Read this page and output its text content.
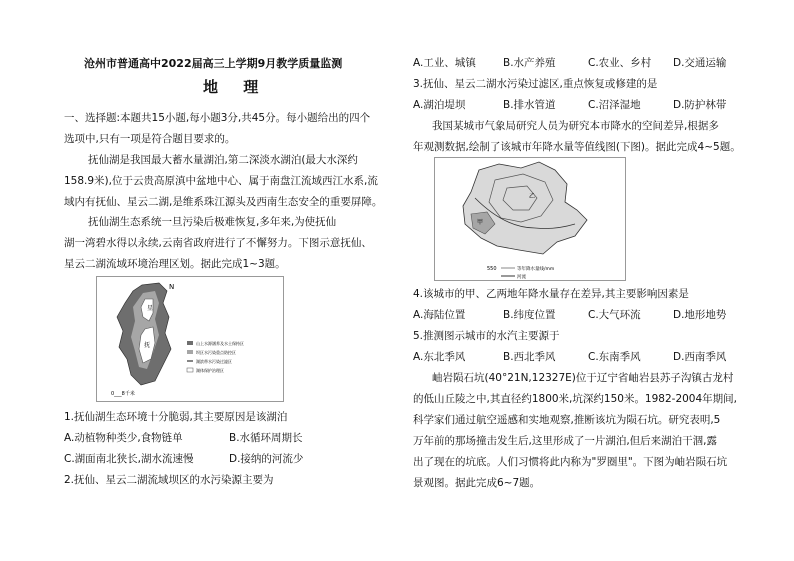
沧州市普通高中2022届高三上学期9月教学质量监测
地 理
一、选择题:本题共15小题,每小题3分,共45分。每小题给出的四个
选项中,只有一项是符合题目要求的。
抚仙湖是我国最大蓄水量湖泊,第二深淡水湖泊(最大水深约
158.9米),位于云贵高原滇中盆地中心、属于南盘江流域西江水系,流
域内有抚仙、星云二湖,是维系珠江源头及西南生态安全的重要屏障。
抚仙湖生态系统一旦污染后极难恢复,多年来,为使抚仙
湖一湾碧水得以永续,云南省政府进行了不懈努力。下图示意抚仙、
星云二湖流域环境治理区划。据此完成1~3题。
星
抚
N
0___8千米
山上水源涵养及水土保持区
坝区水污染重点防控区
湖滨带水污染过滤区
湖体保护治理区
1.抚仙湖生态环境十分脆弱,其主要原因是该湖泊
A.动植物种类少,食物链单	B.水循环周期长
C.湖面南北狭长,湖水流速慢	D.接纳的河流少
2.抚仙、星云二湖流域坝区的水污染源主要为
A.工业、城镇	B.水产养殖	C.农业、乡村	D.交通运输
3.抚仙、星云二湖水污染过滤区,重点恢复或修建的是
A.湖泊堤坝	B.排水管道	C.沼泽湿地	D.防护林带
我国某城市气象局研究人员为研究本市降水的空间差异,根据多
年观测数据,绘制了该城市年降水量等值线图(下图)。据此完成4~5题。
乙
甲
550	等年降水量线/mm
河流
4.该城市的甲、乙两地年降水量存在差异,其主要影响因素是
A.海陆位置	B.纬度位置	C.大气环流	D.地形地势
5.推测图示城市的水汽主要源于
A.东北季风	B.西北季风	C.东南季风	D.西南季风
岫岩陨石坑(40°21N,12327E)位于辽宁省岫岩县苏子沟镇古龙村
的低山丘陵之中,其直径约1800米,坑深约150米。1982-2004年期间,
科学家们通过航空遥感和实地观察,推断该坑为陨石坑。研究表明,5
万年前的那场撞击发生后,这里形成了一片湖泊,但后来湖泊干涸,露
出了现在的坑底。人们习惯将此内称为"罗圈里"。下图为岫岩陨石坑
景观图。据此完成6~7题。
